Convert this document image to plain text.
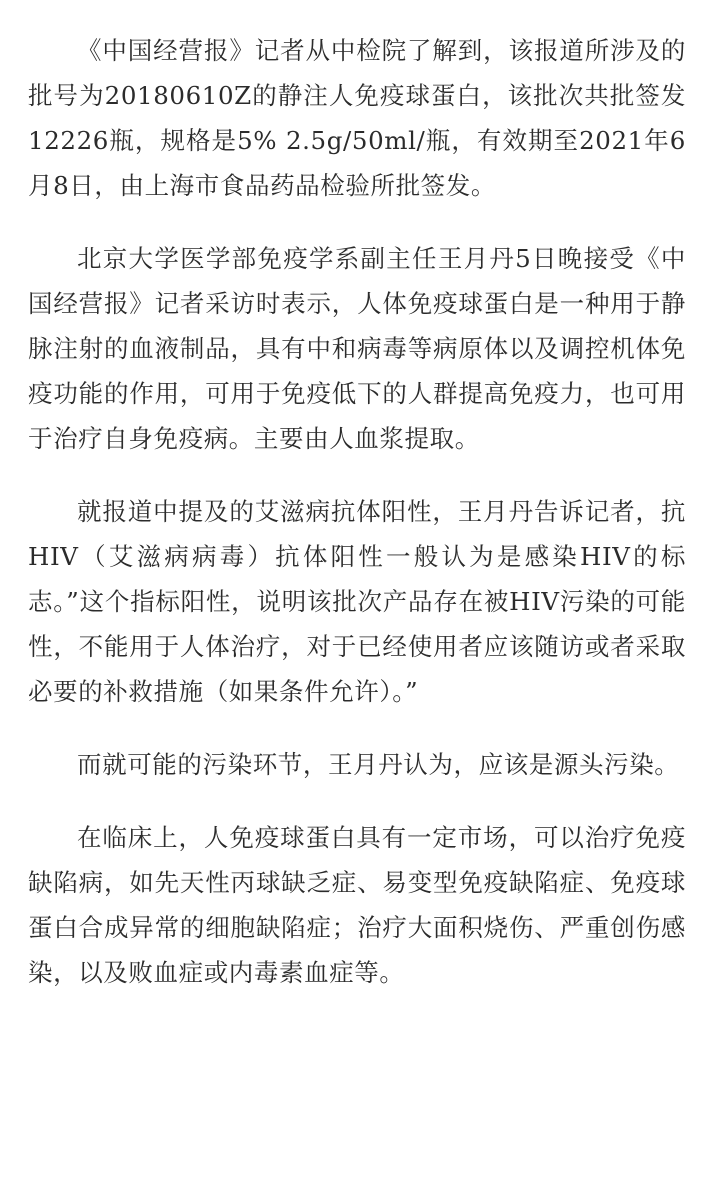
《中国经营报》记者从中检院了解到，该报道所涉及的批号为20180610Z的静注人免疫球蛋白，该批次共批签发12226瓶，规格是5% 2.5g/50ml/瓶，有效期至2021年6月8日，由上海市食品药品检验所批签发。

北京大学医学部免疫学系副主任王月丹5日晚接受《中国经营报》记者采访时表示，人体免疫球蛋白是一种用于静脉注射的血液制品，具有中和病毒等病原体以及调控机体免疫功能的作用，可用于免疫低下的人群提高免疫力，也可用于治疗自身免疫病。主要由人血浆提取。

就报道中提及的艾滋病抗体阳性，王月丹告诉记者，抗HIV（艾滋病病毒）抗体阳性一般认为是感染HIV的标志。”这个指标阳性，说明该批次产品存在被HIV污染的可能性，不能用于人体治疗，对于已经使用者应该随访或者采取必要的补救措施（如果条件允许）。”

而就可能的污染环节，王月丹认为，应该是源头污染。

在临床上，人免疫球蛋白具有一定市场，可以治疗免疫缺陷病，如先天性丙球缺乏症、易变型免疫缺陷症、免疫球蛋白合成异常的细胞缺陷症；治疗大面积烧伤、严重创伤感染，以及败血症或内毒素血症等。
